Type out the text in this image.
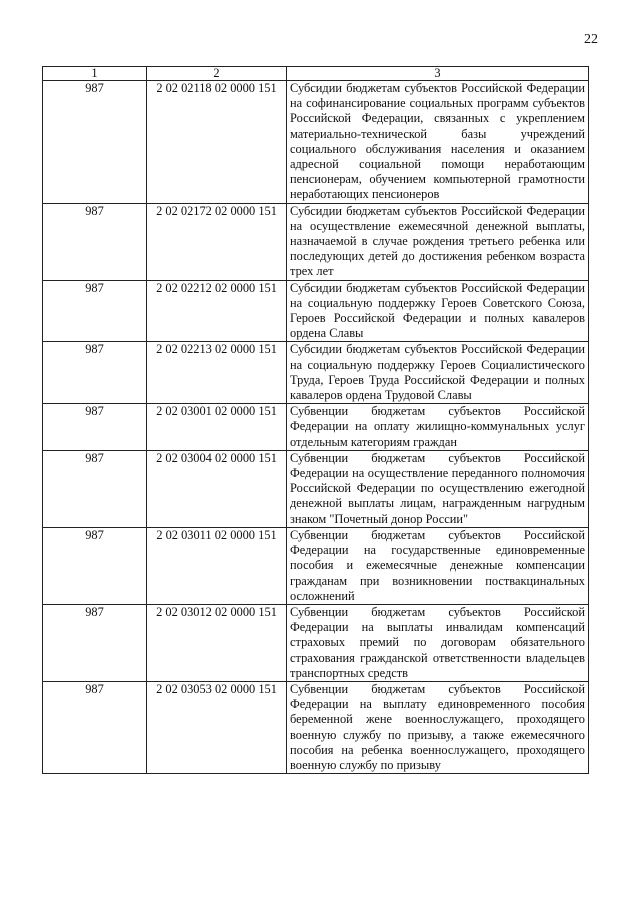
22
1	2	3
987	2 02 02118 02 0000 151	Субсидии бюджетам субъектов Российской Федерации на софинансирование социальных программ субъектов Российской Федерации, связанных с укреплением материально-технической базы учреждений социального обслуживания населения и оказанием адресной социальной помощи неработающим пенсионерам, обучением компьютерной грамотности неработающих пенсионеров
987	2 02 02172 02 0000 151	Субсидии бюджетам субъектов Российской Федерации на осуществление ежемесячной денежной выплаты, назначаемой в случае рождения третьего ребенка или последующих детей до достижения ребенком возраста трех лет
987	2 02 02212 02 0000 151	Субсидии бюджетам субъектов Российской Федерации на социальную поддержку Героев Советского Союза, Героев Российской Федерации и полных кавалеров ордена Славы
987	2 02 02213 02 0000 151	Субсидии бюджетам субъектов Российской Федерации на социальную поддержку Героев Социалистического Труда, Героев Труда Российской Федерации и полных кавалеров ордена Трудовой Славы
987	2 02 03001 02 0000 151	Субвенции бюджетам субъектов Российской Федерации на оплату жилищно-коммунальных услуг отдельным категориям граждан
987	2 02 03004 02 0000 151	Субвенции бюджетам субъектов Российской Федерации на осуществление переданного полномочия Российской Федерации по осуществлению ежегодной денежной выплаты лицам, награжденным нагрудным знаком "Почетный донор России"
987	2 02 03011 02 0000 151	Субвенции бюджетам субъектов Российской Федерации на государственные единовременные пособия и ежемесячные денежные компенсации гражданам при возникновении поствакцинальных осложнений
987	2 02 03012 02 0000 151	Субвенции бюджетам субъектов Российской Федерации на выплаты инвалидам компенсаций страховых премий по договорам обязательного страхования гражданской ответственности владельцев транспортных средств
987	2 02 03053 02 0000 151	Субвенции бюджетам субъектов Российской Федерации на выплату единовременного пособия беременной жене военнослужащего, проходящего военную службу по призыву, а также ежемесячного пособия на ребенка военнослужащего, проходящего военную службу по призыву
